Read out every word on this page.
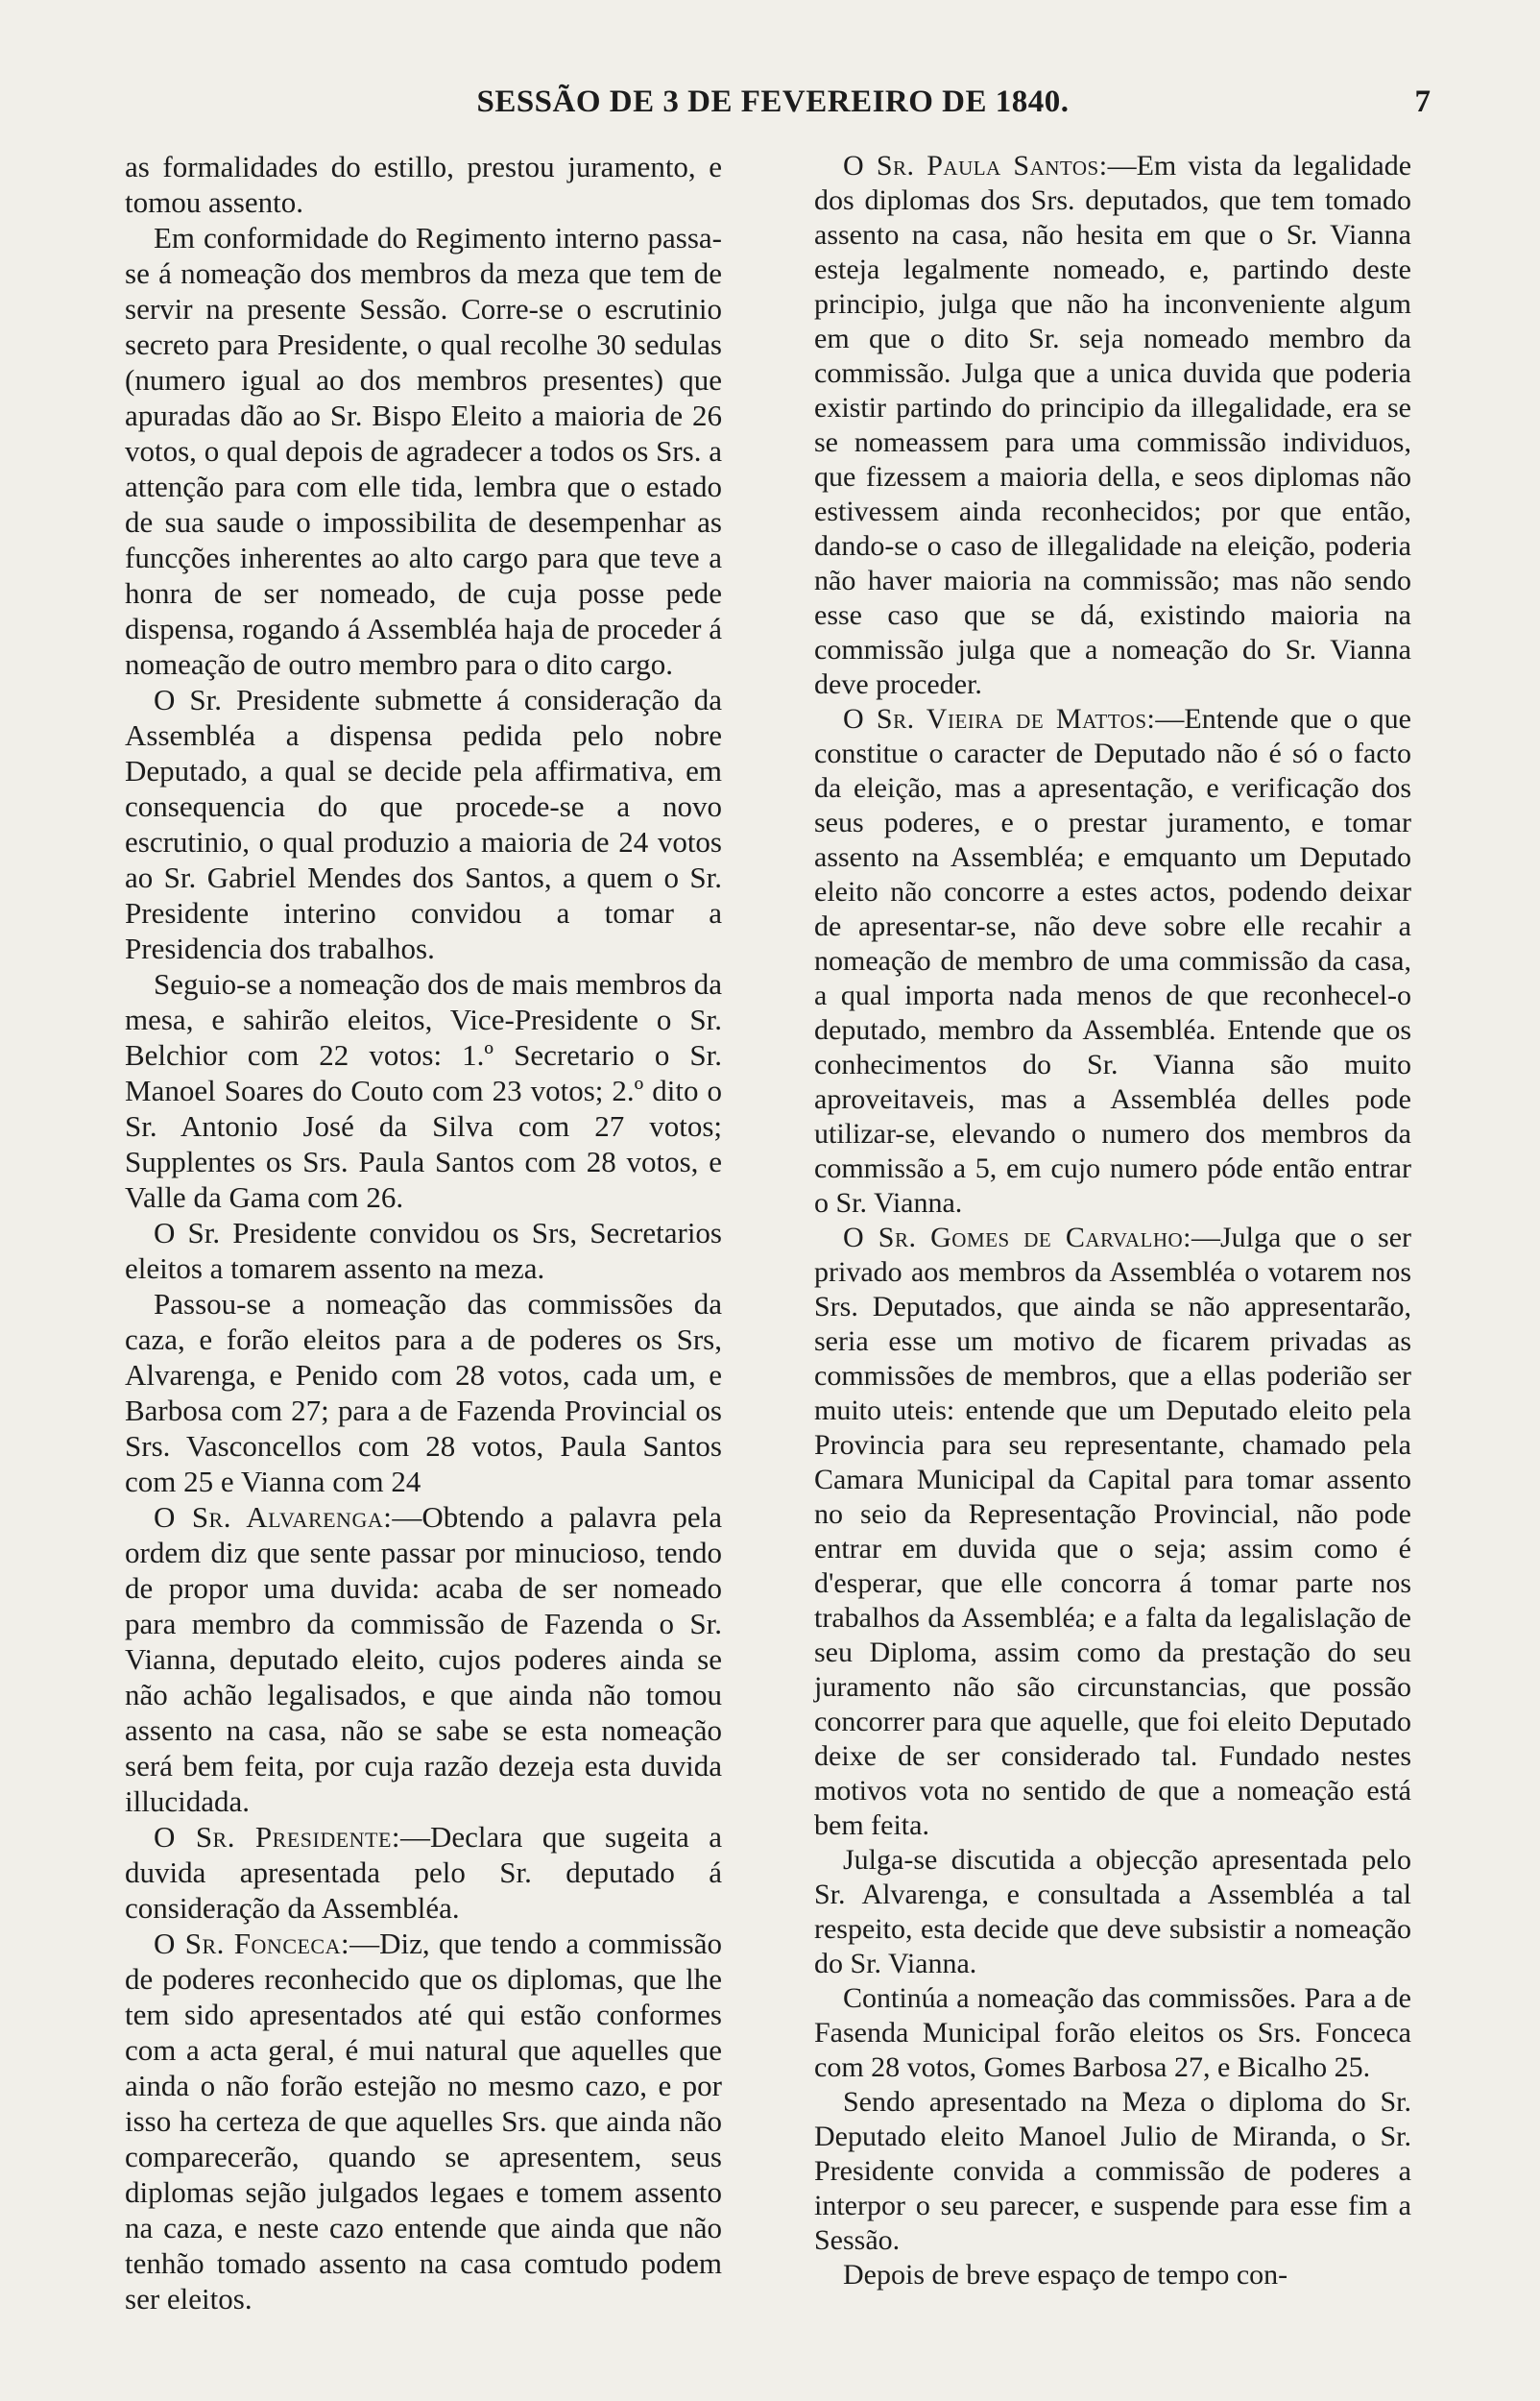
SESSÃO DE 3 DE FEVEREIRO DE 1840.	7

as formalidades do estillo, prestou juramento, e tomou assento.

Em conformidade do Regimento interno passa-se á nomeação dos membros da meza que tem de servir na presente Sessão. Corre-se o escrutinio secreto para Presidente, o qual recolhe 30 sedulas (numero igual ao dos membros presentes) que apuradas dão ao Sr. Bispo Eleito a maioria de 26 votos, o qual depois de agradecer a todos os Srs. a attenção para com elle tida, lembra que o estado de sua saude o impossibilita de desempenhar as funcções inherentes ao alto cargo para que teve a honra de ser nomeado, de cuja posse pede dispensa, rogando á Assembléa haja de proceder á nomeação de outro membro para o dito cargo.

O Sr. Presidente submette á consideração da Assembléa a dispensa pedida pelo nobre Deputado, a qual se decide pela affirmativa, em consequencia do que procede-se a novo escrutinio, o qual produzio a maioria de 24 votos ao Sr. Gabriel Mendes dos Santos, a quem o Sr. Presidente interino convidou a tomar a Presidencia dos trabalhos.

Seguio-se a nomeação dos de mais membros da mesa, e sahirão eleitos, Vice-Presidente o Sr. Belchior com 22 votos: 1.º Secretario o Sr. Manoel Soares do Couto com 23 votos; 2.º dito o Sr. Antonio José da Silva com 27 votos; Supplentes os Srs. Paula Santos com 28 votos, e Valle da Gama com 26.

O Sr. Presidente convidou os Srs, Secretarios eleitos a tomarem assento na meza.

Passou-se a nomeação das commissões da caza, e forão eleitos para a de poderes os Srs, Alvarenga, e Penido com 28 votos, cada um, e Barbosa com 27; para a de Fazenda Provincial os Srs. Vasconcellos com 28 votos, Paula Santos com 25 e Vianna com 24

O Sr. Alvarenga:—Obtendo a palavra pela ordem diz que sente passar por minucioso, tendo de propor uma duvida: acaba de ser nomeado para membro da commissão de Fazenda o Sr. Vianna, deputado eleito, cujos poderes ainda se não achão legalisados, e que ainda não tomou assento na casa, não se sabe se esta nomeação será bem feita, por cuja razão dezeja esta duvida illucidada.

O Sr. Presidente:—Declara que sugeita a duvida apresentada pelo Sr. deputado á consideração da Assembléa.

O Sr. Fonceca:—Diz, que tendo a commissão de poderes reconhecido que os diplomas, que lhe tem sido apresentados até qui estão conformes com a acta geral, é mui natural que aquelles que ainda o não forão estejão no mesmo cazo, e por isso ha certeza de que aquelles Srs. que ainda não comparecerão, quando se apresentem, seus diplomas sejão julgados legaes e tomem assento na caza, e neste cazo entende que ainda que não tenhão tomado assento na casa comtudo podem ser eleitos.

O Sr. Paula Santos:—Em vista da legalidade dos diplomas dos Srs. deputados, que tem tomado assento na casa, não hesita em que o Sr. Vianna esteja legalmente nomeado, e, partindo deste principio, julga que não ha inconveniente algum em que o dito Sr. seja nomeado membro da commissão. Julga que a unica duvida que poderia existir partindo do principio da illegalidade, era se se nomeassem para uma commissão individuos, que fizessem a maioria della, e seos diplomas não estivessem ainda reconhecidos; por que então, dando-se o caso de illegalidade na eleição, poderia não haver maioria na commissão; mas não sendo esse caso que se dá, existindo maioria na commissão julga que a nomeação do Sr. Vianna deve proceder.

O Sr. Vieira de Mattos:—Entende que o que constitue o caracter de Deputado não é só o facto da eleição, mas a apresentação, e verificação dos seus poderes, e o prestar juramento, e tomar assento na Assembléa; e emquanto um Deputado eleito não concorre a estes actos, podendo deixar de apresentar-se, não deve sobre elle recahir a nomeação de membro de uma commissão da casa, a qual importa nada menos de que reconhecel-o deputado, membro da Assembléa. Entende que os conhecimentos do Sr. Vianna são muito aproveitaveis, mas a Assembléa delles pode utilizar-se, elevando o numero dos membros da commissão a 5, em cujo numero póde então entrar o Sr. Vianna.

O Sr. Gomes de Carvalho:—Julga que o ser privado aos membros da Assembléa o votarem nos Srs. Deputados, que ainda se não appresentarão, seria esse um motivo de ficarem privadas as commissões de membros, que a ellas poderião ser muito uteis: entende que um Deputado eleito pela Provincia para seu representante, chamado pela Camara Municipal da Capital para tomar assento no seio da Representação Provincial, não pode entrar em duvida que o seja; assim como é d'esperar, que elle concorra á tomar parte nos trabalhos da Assembléa; e a falta da legalislação de seu Diploma, assim como da prestação do seu juramento não são circunstancias, que possão concorrer para que aquelle, que foi eleito Deputado deixe de ser considerado tal. Fundado nestes motivos vota no sentido de que a nomeação está bem feita.

Julga-se discutida a objecção apresentada pelo Sr. Alvarenga, e consultada a Assembléa a tal respeito, esta decide que deve subsistir a nomeação do Sr. Vianna.

Continúa a nomeação das commissões. Para a de Fasenda Municipal forão eleitos os Srs. Fonceca com 28 votos, Gomes Barbosa 27, e Bicalho 25.

Sendo apresentado na Meza o diploma do Sr. Deputado eleito Manoel Julio de Miranda, o Sr. Presidente convida a commissão de poderes a interpor o seu parecer, e suspende para esse fim a Sessão.

Depois de breve espaço de tempo con-
